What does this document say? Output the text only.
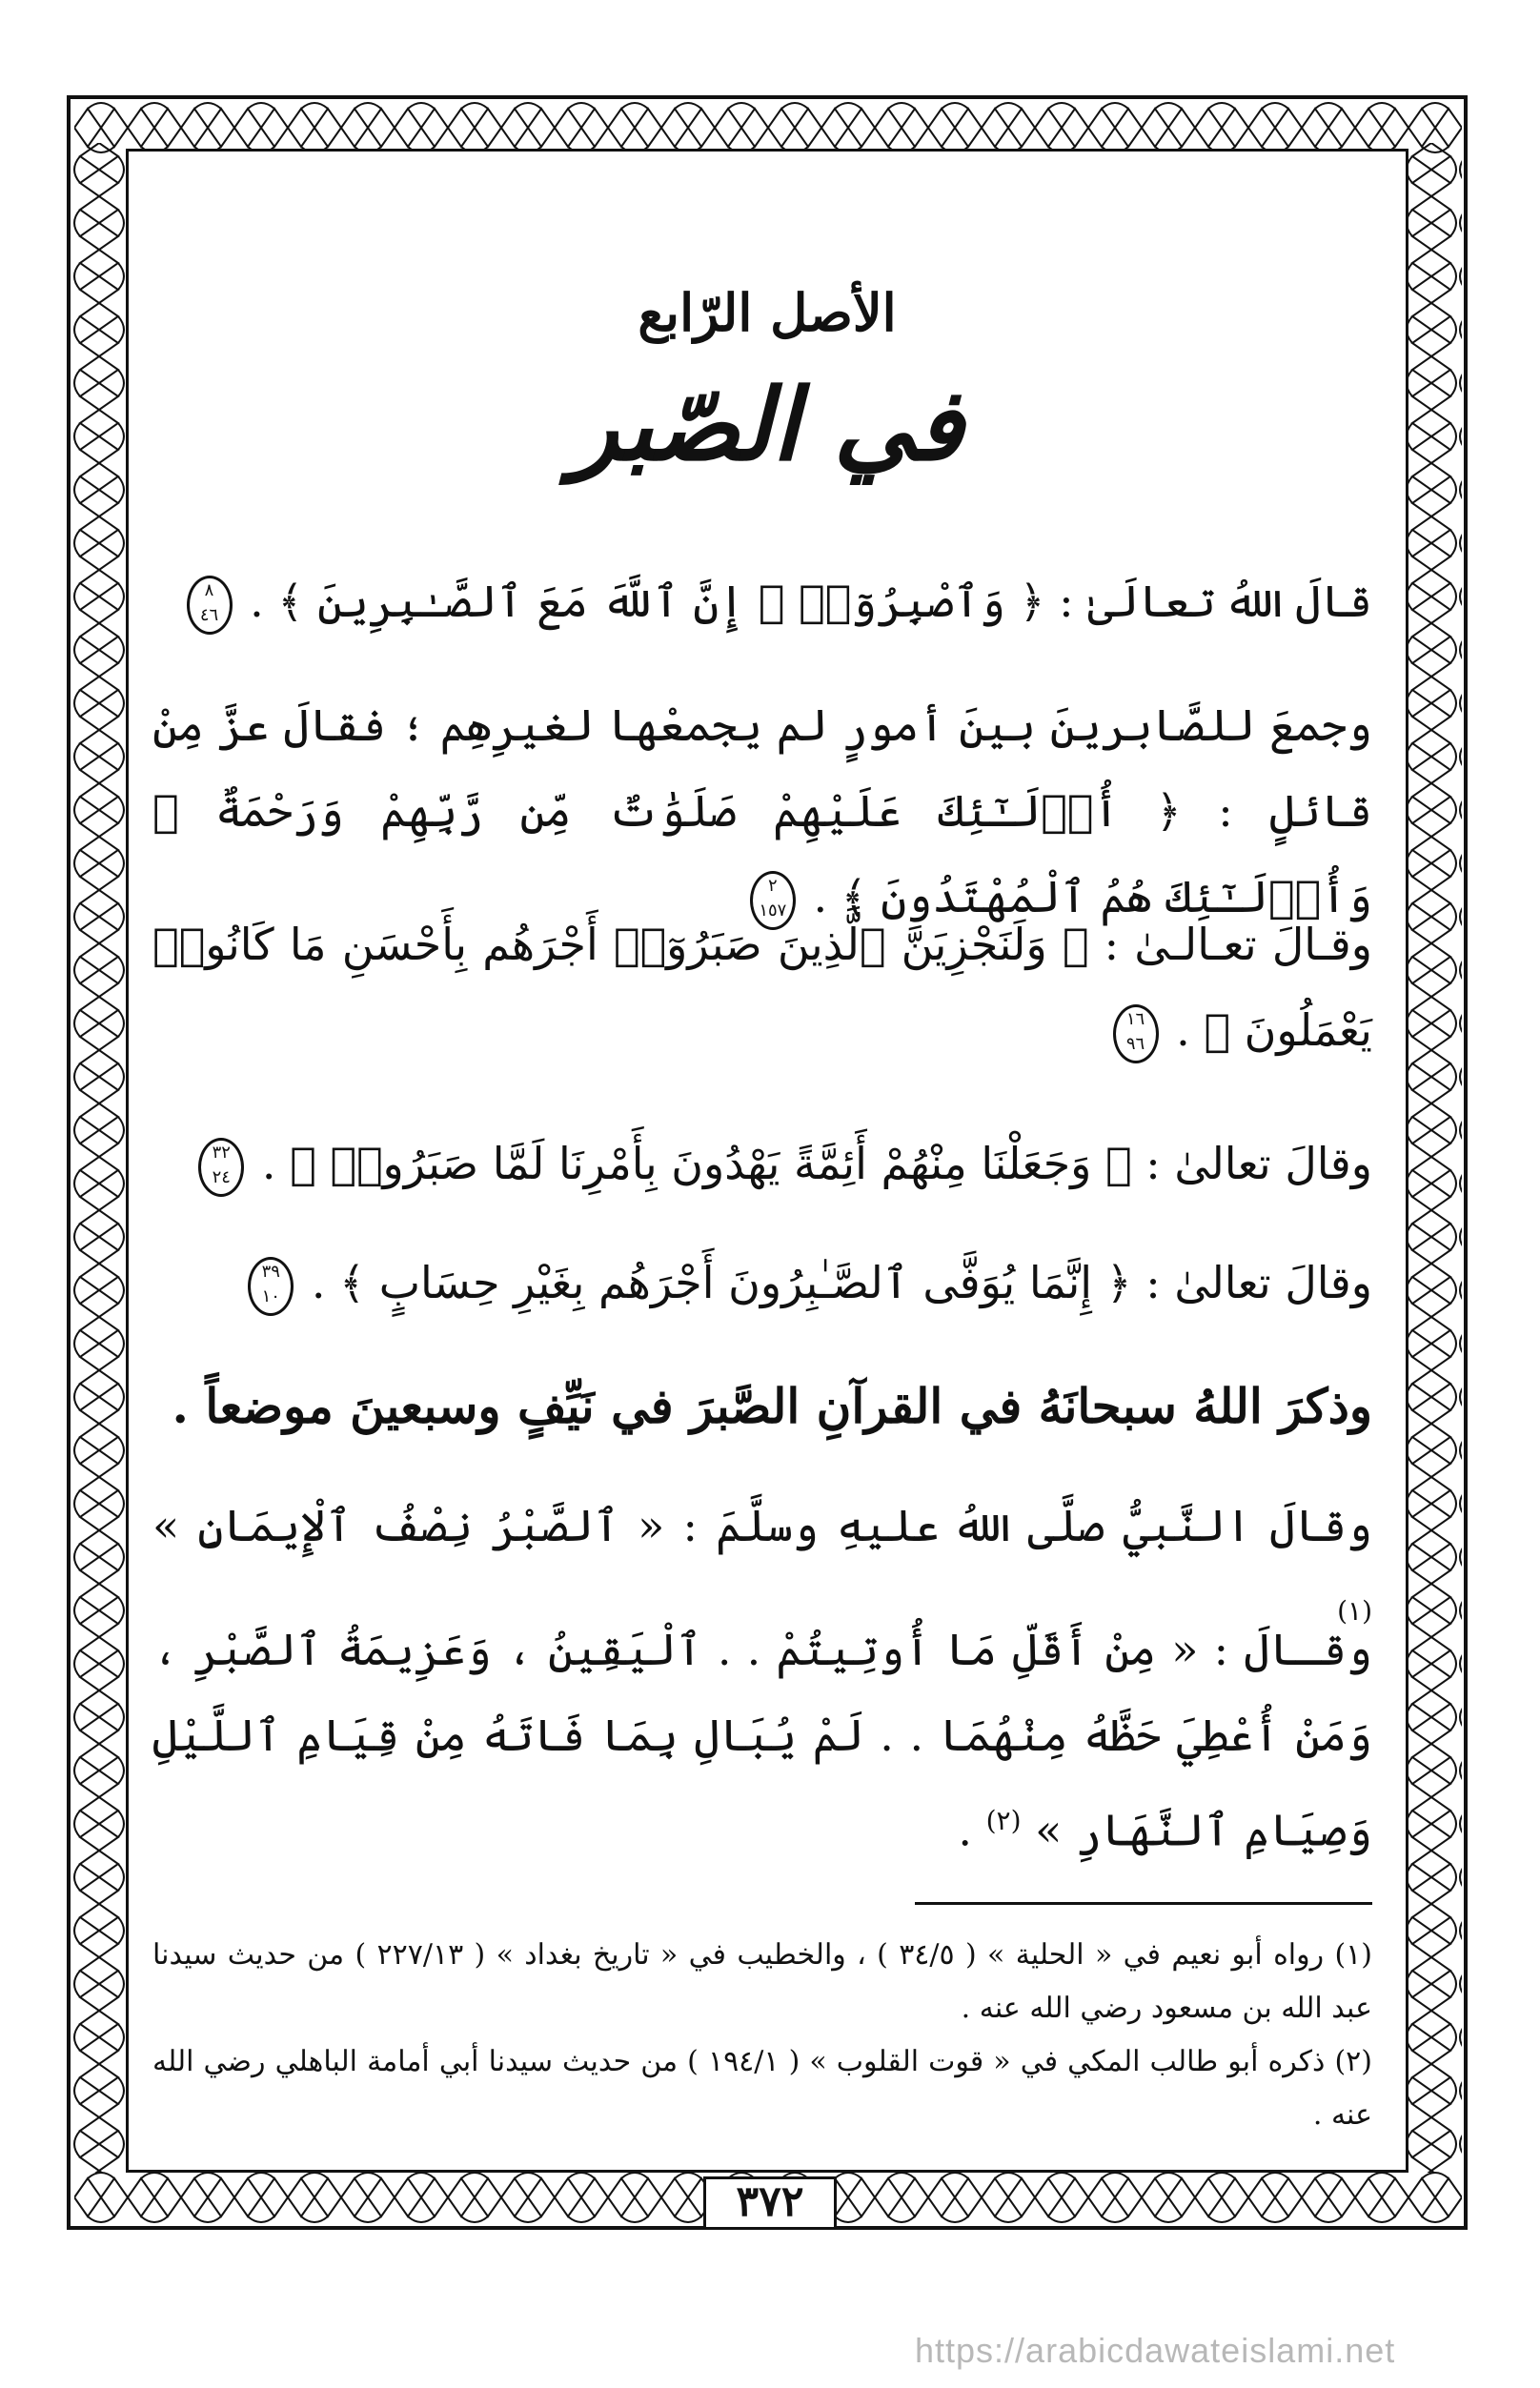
الأصل الرّابع
في الصّبر
قالَ اللهُ تعالَىٰ : ﴿ وَٱصْبِرُوٓا۟ ۚ إِنَّ ٱللَّهَ مَعَ ٱلصَّـٰبِرِينَ ﴾ .
٨
٤٦
وجمعَ للصَّابرينَ بينَ أمورٍ لم يجمعْها لغيرِهِم ؛ فقالَ عزَّ مِنْ قائلٍ : ﴿ أُو۟لَـٰٓئِكَ عَلَيْهِمْ صَلَوَٰتٌ مِّن رَّبِّهِمْ وَرَحْمَةٌ ۖ وَأُو۟لَـٰٓئِكَ هُمُ ٱلْمُهْتَدُونَ ﴾ .
٢
١٥٧
وقـالَ تعـالـىٰ : ﴿ وَلَنَجْزِيَنَّ ٱلَّذِينَ صَبَرُوٓا۟ أَجْرَهُم بِأَحْسَنِ مَا كَانُوا۟ يَعْمَلُونَ ﴾ .
١٦
٩٦
وقالَ تعالىٰ : ﴿ وَجَعَلْنَا مِنْهُمْ أَئِمَّةً يَهْدُونَ بِأَمْرِنَا لَمَّا صَبَرُوا۟ ﴾ .
٣٢
٢٤
وقالَ تعالىٰ : ﴿ إِنَّمَا يُوَفَّى ٱلصَّـٰبِرُونَ أَجْرَهُم بِغَيْرِ حِسَابٍ ﴾ .
٣٩
١٠
وذكرَ اللهُ سبحانَهُ في القرآنِ الصَّبرَ في نَيِّفٍ وسبعينَ موضعاً .
وقالَ النَّبيُّ صلَّى اللهُ عليهِ وسلَّمَ : « ٱلصَّبْرُ نِصْفُ ٱلْإِيمَانِ » $^{(١)}$
وقـالَ : « مِنْ أَقَلِّ مَا أُوتِيتُمْ . . ٱلْيَقِينُ ، وَعَزِيمَةُ ٱلصَّبْرِ ، وَمَنْ أُعْطِيَ حَظَّهُ مِنْهُمَا . . لَمْ يُبَالِ بِمَا فَاتَهُ مِنْ قِيَامِ ٱللَّيْلِ وَصِيَامِ ٱلنَّهَارِ » $^{(٢)}$ .
(١) رواه أبو نعيم في « الحلية » ( ٣٤/٥ ) ، والخطيب في « تاريخ بغداد » ( ٢٢٧/١٣ ) من حديث سيدنا عبد الله بن مسعود رضي الله عنه .
(٢) ذكره أبو طالب المكي في « قوت القلوب » ( ١٩٤/١ ) من حديث سيدنا أبي أمامة الباهلي رضي الله عنه .
٣٧٢
https://arabicdawateislami.net
